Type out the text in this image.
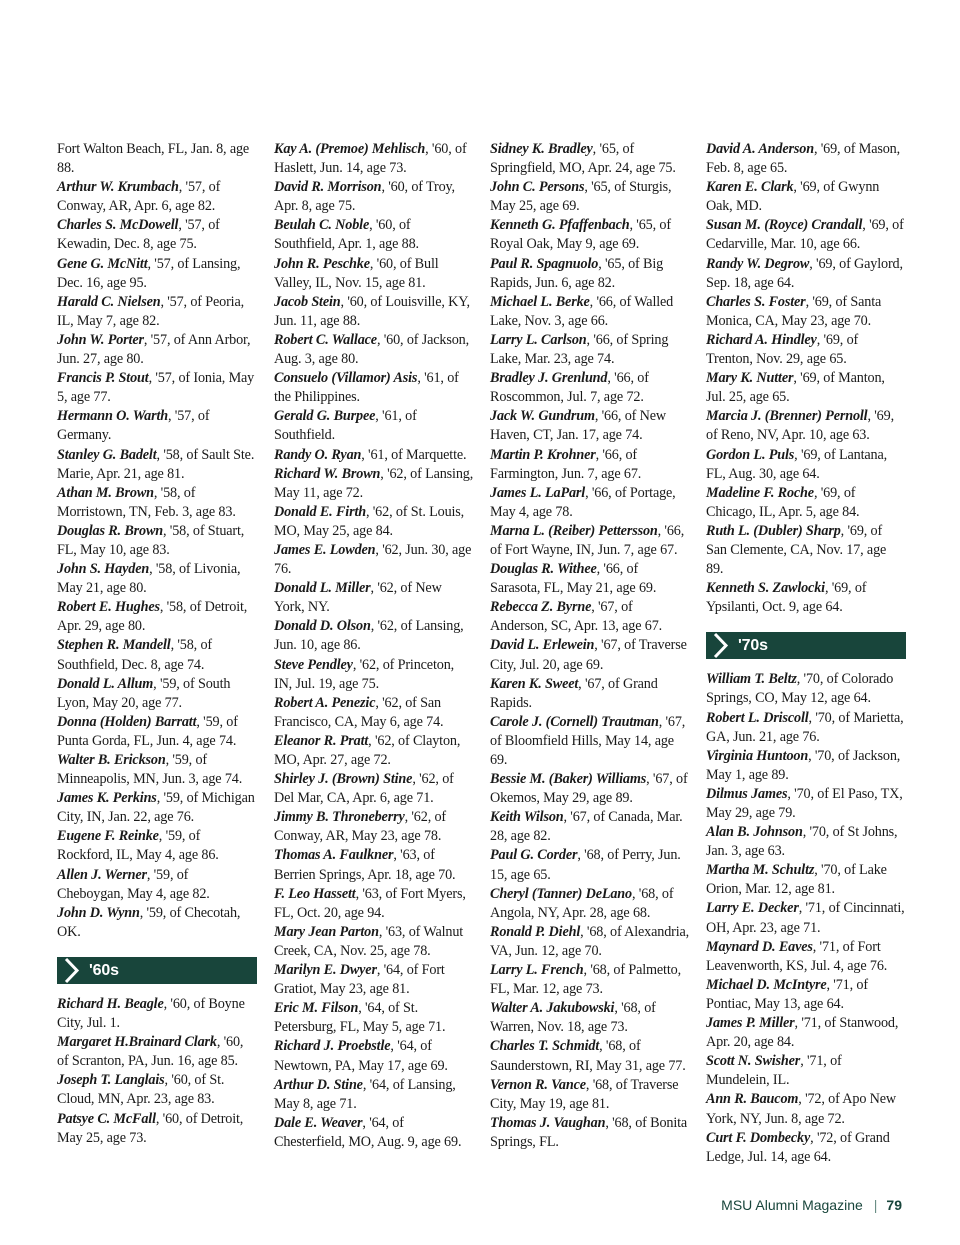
Fort Walton Beach, FL, Jan. 8, age 88.
Arthur W. Krumbach, '57, of Conway, AR, Apr. 6, age 82.
Charles S. McDowell, '57, of Kewadin, Dec. 8, age 75.
Gene G. McNitt, '57, of Lansing, Dec. 16, age 95.
Harald C. Nielsen, '57, of Peoria, IL, May 7, age 82.
John W. Porter, '57, of Ann Arbor, Jun. 27, age 80.
Francis P. Stout, '57, of Ionia, May 5, age 77.
Hermann O. Warth, '57, of Germany.
Stanley G. Badelt, '58, of Sault Ste. Marie, Apr. 21, age 81.
Athan M. Brown, '58, of Morristown, TN, Feb. 3, age 83.
Douglas R. Brown, '58, of Stuart, FL, May 10, age 83.
John S. Hayden, '58, of Livonia, May 21, age 80.
Robert E. Hughes, '58, of Detroit, Apr. 29, age 80.
Stephen R. Mandell, '58, of Southfield, Dec. 8, age 74.
Donald L. Allum, '59, of South Lyon, May 20, age 77.
Donna (Holden) Barratt, '59, of Punta Gorda, FL, Jun. 4, age 74.
Walter B. Erickson, '59, of Minneapolis, MN, Jun. 3, age 74.
James K. Perkins, '59, of Michigan City, IN, Jan. 22, age 76.
Eugene F. Reinke, '59, of Rockford, IL, May 4, age 86.
Allen J. Werner, '59, of Cheboygan, May 4, age 82.
John D. Wynn, '59, of Checotah, OK.
'60s
Richard H. Beagle, '60, of Boyne City, Jul. 1.
Margaret H.Brainard Clark, '60, of Scranton, PA, Jun. 16, age 85.
Joseph T. Langlais, '60, of St. Cloud, MN, Apr. 23, age 83.
Patsye C. McFall, '60, of Detroit, May 25, age 73.
Kay A. (Premoe) Mehlisch, '60, of Haslett, Jun. 14, age 73.
David R. Morrison, '60, of Troy, Apr. 8, age 75.
Beulah C. Noble, '60, of Southfield, Apr. 1, age 88.
John R. Peschke, '60, of Bull Valley, IL, Nov. 15, age 81.
Jacob Stein, '60, of Louisville, KY, Jun. 11, age 88.
Robert C. Wallace, '60, of Jackson, Aug. 3, age 80.
Consuelo (Villamor) Asis, '61, of the Philippines.
Gerald G. Burpee, '61, of Southfield.
Randy O. Ryan, '61, of Marquette.
Richard W. Brown, '62, of Lansing, May 11, age 72.
Donald E. Firth, '62, of St. Louis, MO, May 25, age 84.
James E. Lowden, '62, Jun. 30, age 76.
Donald L. Miller, '62, of New York, NY.
Donald D. Olson, '62, of Lansing, Jun. 10, age 86.
Steve Pendley, '62, of Princeton, IN, Jul. 19, age 75.
Robert A. Penezic, '62, of San Francisco, CA, May 6, age 74.
Eleanor R. Pratt, '62, of Clayton, MO, Apr. 27, age 72.
Shirley J. (Brown) Stine, '62, of Del Mar, CA, Apr. 6, age 71.
Jimmy B. Throneberry, '62, of Conway, AR, May 23, age 78.
Thomas A. Faulkner, '63, of Berrien Springs, Apr. 18, age 70.
F. Leo Hassett, '63, of Fort Myers, FL, Oct. 20, age 94.
Mary Jean Parton, '63, of Walnut Creek, CA, Nov. 25, age 78.
Marilyn E. Dwyer, '64, of Fort Gratiot, May 23, age 81.
Eric M. Filson, '64, of St. Petersburg, FL, May 5, age 71.
Richard J. Proebstle, '64, of Newtown, PA, May 17, age 69.
Arthur D. Stine, '64, of Lansing, May 8, age 71.
Dale E. Weaver, '64, of Chesterfield, MO, Aug. 9, age 69.
Sidney K. Bradley, '65, of Springfield, MO, Apr. 24, age 75.
John C. Persons, '65, of Sturgis, May 25, age 69.
Kenneth G. Pfaffenbach, '65, of Royal Oak, May 9, age 69.
Paul R. Spagnuolo, '65, of Big Rapids, Jun. 6, age 82.
Michael L. Berke, '66, of Walled Lake, Nov. 3, age 66.
Larry L. Carlson, '66, of Spring Lake, Mar. 23, age 74.
Bradley J. Grenlund, '66, of Roscommon, Jul. 7, age 72.
Jack W. Gundrum, '66, of New Haven, CT, Jan. 17, age 74.
Martin P. Krohner, '66, of Farmington, Jun. 7, age 67.
James L. LaParl, '66, of Portage, May 4, age 78.
Marna L. (Reiber) Pettersson, '66, of Fort Wayne, IN, Jun. 7, age 67.
Douglas R. Withee, '66, of Sarasota, FL, May 21, age 69.
Rebecca Z. Byrne, '67, of Anderson, SC, Apr. 13, age 67.
David L. Erlewein, '67, of Traverse City, Jul. 20, age 69.
Karen K. Sweet, '67, of Grand Rapids.
Carole J. (Cornell) Trautman, '67, of Bloomfield Hills, May 14, age 69.
Bessie M. (Baker) Williams, '67, of Okemos, May 29, age 89.
Keith Wilson, '67, of Canada, Mar. 28, age 82.
Paul G. Corder, '68, of Perry, Jun. 15, age 65.
Cheryl (Tanner) DeLano, '68, of Angola, NY, Apr. 28, age 68.
Ronald P. Diehl, '68, of Alexandria, VA, Jun. 12, age 70.
Larry L. French, '68, of Palmetto, FL, Mar. 12, age 73.
Walter A. Jakubowski, '68, of Warren, Nov. 18, age 73.
Charles T. Schmidt, '68, of Saunderstown, RI, May 31, age 77.
Vernon R. Vance, '68, of Traverse City, May 19, age 81.
Thomas J. Vaughan, '68, of Bonita Springs, FL.
David A. Anderson, '69, of Mason, Feb. 8, age 65.
Karen E. Clark, '69, of Gwynn Oak, MD.
Susan M. (Royce) Crandall, '69, of Cedarville, Mar. 10, age 66.
Randy W. Degrow, '69, of Gaylord, Sep. 18, age 64.
Charles S. Foster, '69, of Santa Monica, CA, May 23, age 70.
Richard A. Hindley, '69, of Trenton, Nov. 29, age 65.
Mary K. Nutter, '69, of Manton, Jul. 25, age 65.
Marcia J. (Brenner) Pernoll, '69, of Reno, NV, Apr. 10, age 63.
Gordon L. Puls, '69, of Lantana, FL, Aug. 30, age 64.
Madeline F. Roche, '69, of Chicago, IL, Apr. 5, age 84.
Ruth L. (Dubler) Sharp, '69, of San Clemente, CA, Nov. 17, age 89.
Kenneth S. Zawlocki, '69, of Ypsilanti, Oct. 9, age 64.
'70s
William T. Beltz, '70, of Colorado Springs, CO, May 12, age 64.
Robert L. Driscoll, '70, of Marietta, GA, Jun. 21, age 76.
Virginia Huntoon, '70, of Jackson, May 1, age 89.
Dilmus James, '70, of El Paso, TX, May 29, age 79.
Alan B. Johnson, '70, of St Johns, Jan. 3, age 63.
Martha M. Schultz, '70, of Lake Orion, Mar. 12, age 81.
Larry E. Decker, '71, of Cincinnati, OH, Apr. 23, age 71.
Maynard D. Eaves, '71, of Fort Leavenworth, KS, Jul. 4, age 76.
Michael D. McIntyre, '71, of Pontiac, May 13, age 64.
James P. Miller, '71, of Stanwood, Apr. 20, age 84.
Scott N. Swisher, '71, of Mundelein, IL.
Ann R. Baucom, '72, of Apo New York, NY, Jun. 8, age 72.
Curt F. Dombecky, '72, of Grand Ledge, Jul. 14, age 64.
MSU Alumni Magazine | 79
